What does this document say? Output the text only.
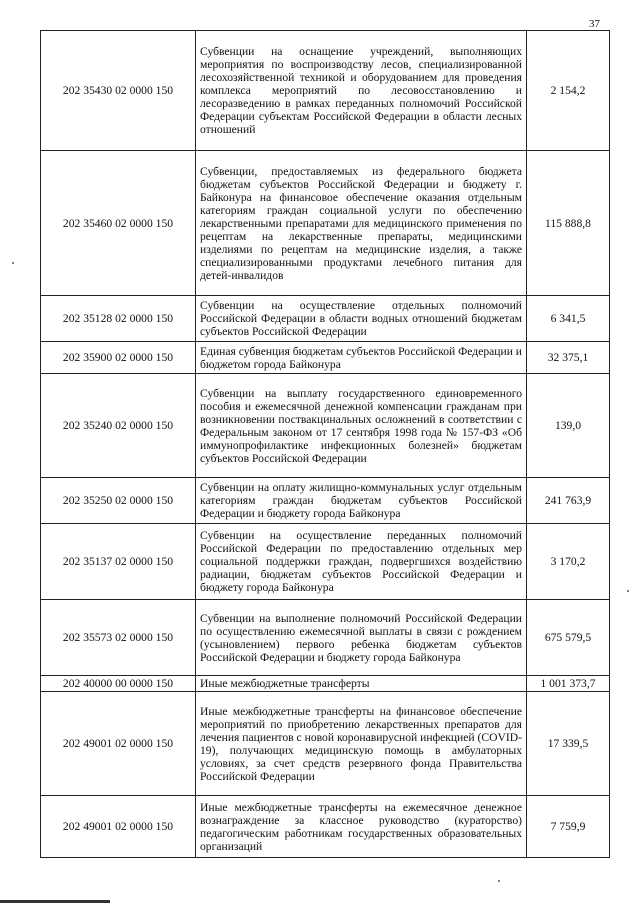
37
202 35430 02 0000 150	Субвенции на оснащение учреждений, выполняющих мероприятия по воспроизводству лесов, специализированной лесохозяйственной техникой и оборудованием для проведения комплекса мероприятий по лесовосстановлению и лесоразведению в рамках переданных полномочий Российской Федерации субъектам Российской Федерации в области лесных отношений	2 154,2
202 35460 02 0000 150	Субвенции, предоставляемых из федерального бюджета бюджетам субъектов Российской Федерации и бюджету г. Байконура на финансовое обеспечение оказания отдельным категориям граждан социальной услуги по обеспечению лекарственными препаратами для медицинского применения по рецептам на лекарственные препараты, медицинскими изделиями по рецептам на медицинские изделия, а также специализированными продуктами лечебного питания для детей-инвалидов	115 888,8
202 35128 02 0000 150	Субвенции на осуществление отдельных полномочий Российской Федерации в области водных отношений бюджетам субъектов Российской Федерации	6 341,5
202 35900 02 0000 150	Единая субвенция бюджетам субъектов Российской Федерации и бюджетом города Байконура	32 375,1
202 35240 02 0000 150	Субвенции на выплату государственного единовременного пособия и ежемесячной денежной компенсации гражданам при возникновении поствакцинальных осложнений в соответствии с Федеральным законом от 17 сентября 1998 года № 157-ФЗ «Об иммунопрофилактике инфекционных болезней» бюджетам субъектов Российской Федерации	139,0
202 35250 02 0000 150	Субвенции на оплату жилищно-коммунальных услуг отдельным категориям граждан бюджетам субъектов Российской Федерации и бюджету города Байконура	241 763,9
202 35137 02 0000 150	Субвенции на осуществление переданных полномочий Российской Федерации по предоставлению отдельных мер социальной поддержки граждан, подвергшихся воздействию радиации, бюджетам субъектов Российской Федерации и бюджету города Байконура	3 170,2
202 35573 02 0000 150	Субвенции на выполнение полномочий Российской Федерации по осуществлению ежемесячной выплаты в связи с рождением (усыновлением) первого ребенка бюджетам субъектов Российской Федерации и бюджету города Байконура	675 579,5
202 40000 00 0000 150	Иные межбюджетные трансферты	1 001 373,7
202 49001 02 0000 150	Иные межбюджетные трансферты на финансовое обеспечение мероприятий по приобретению лекарственных препаратов для лечения пациентов с новой коронавирусной инфекцией (COVID-19), получающих медицинскую помощь в амбулаторных условиях, за счет средств резервного фонда Правительства Российской Федерации	17 339,5
202 49001 02 0000 150	Иные межбюджетные трансферты на ежемесячное денежное вознаграждение за классное руководство (кураторство) педагогическим работникам государственных образовательных организаций	7 759,9
